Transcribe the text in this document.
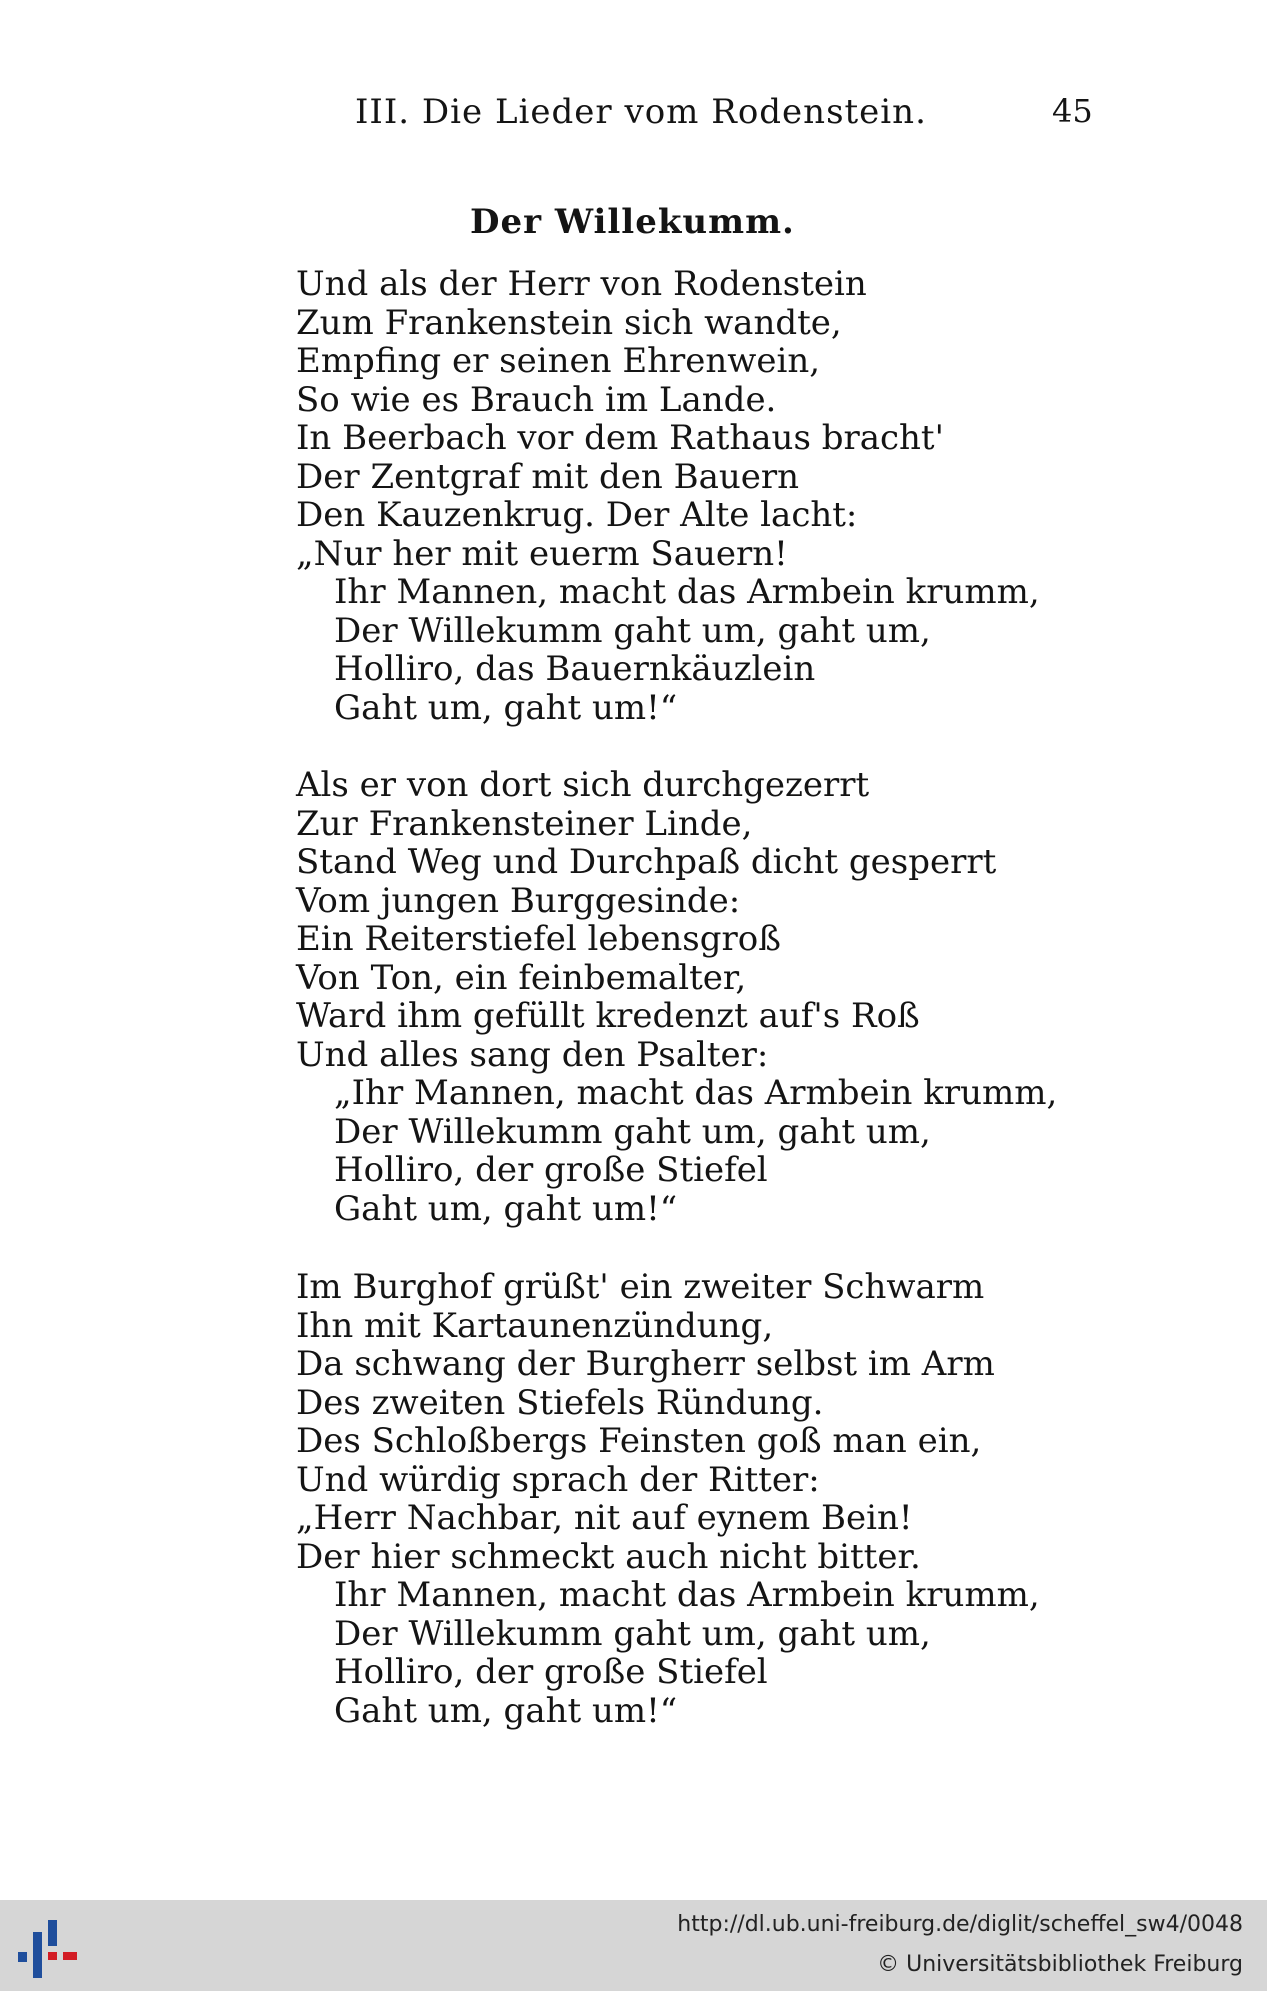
III. Die Lieder vom Rodenstein.	45
Der Willekumm.
Und als der Herr von Rodenstein
Zum Frankenstein sich wandte,
Empfing er seinen Ehrenwein,
So wie es Brauch im Lande.
In Beerbach vor dem Rathaus bracht'
Der Zentgraf mit den Bauern
Den Kauzenkrug. Der Alte lacht:
„Nur her mit euerm Sauern!
Ihr Mannen, macht das Armbein krumm,
Der Willekumm gaht um, gaht um,
Holliro, das Bauernkäuzlein
Gaht um, gaht um!“
Als er von dort sich durchgezerrt
Zur Frankensteiner Linde,
Stand Weg und Durchpaß dicht gesperrt
Vom jungen Burggesinde:
Ein Reiterstiefel lebensgroß
Von Ton, ein feinbemalter,
Ward ihm gefüllt kredenzt auf's Roß
Und alles sang den Psalter:
„Ihr Mannen, macht das Armbein krumm,
Der Willekumm gaht um, gaht um,
Holliro, der große Stiefel
Gaht um, gaht um!“
Im Burghof grüßt' ein zweiter Schwarm
Ihn mit Kartaunenzündung,
Da schwang der Burgherr selbst im Arm
Des zweiten Stiefels Ründung.
Des Schloßbergs Feinsten goß man ein,
Und würdig sprach der Ritter:
„Herr Nachbar, nit auf eynem Bein!
Der hier schmeckt auch nicht bitter.
Ihr Mannen, macht das Armbein krumm,
Der Willekumm gaht um, gaht um,
Holliro, der große Stiefel
Gaht um, gaht um!“
http://dl.ub.uni-freiburg.de/diglit/scheffel_sw4/0048
© Universitätsbibliothek Freiburg
